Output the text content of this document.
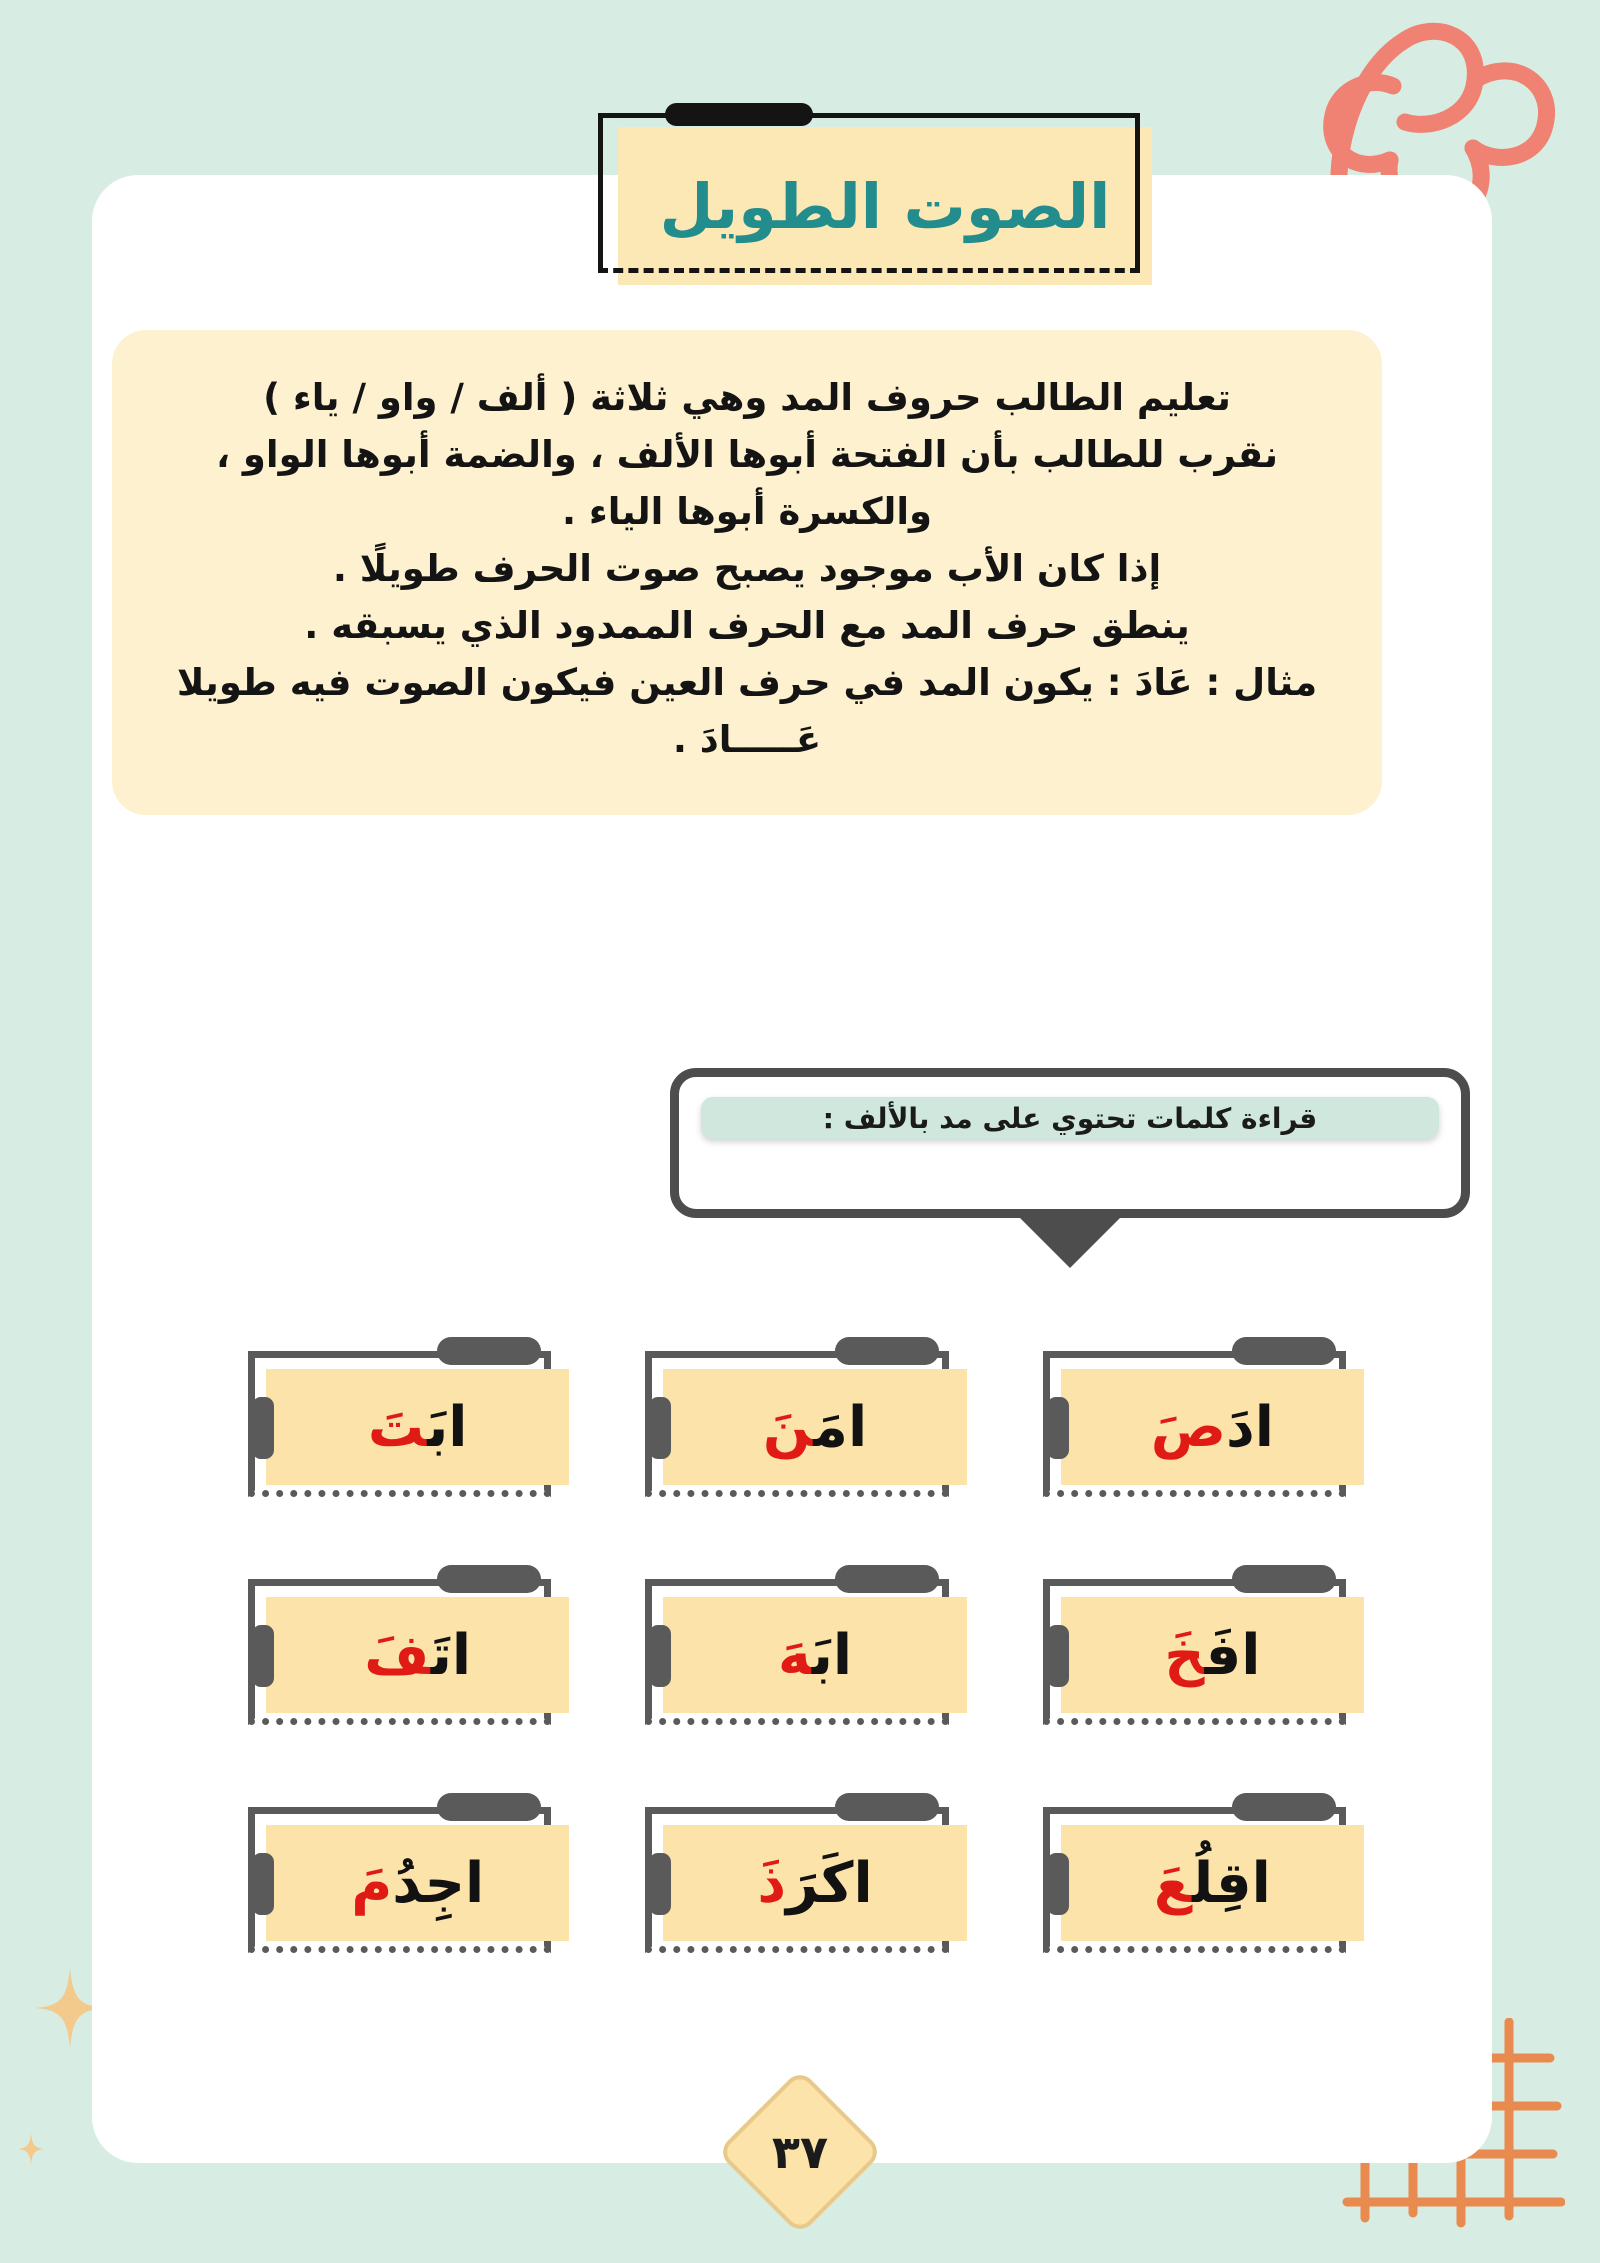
الصوت الطويل
تعليم الطالب حروف المد وهي ثلاثة ( ألف / واو / ياء )
نقرب للطالب بأن الفتحة أبوها الألف ، والضمة أبوها الواو ،
والكسرة أبوها الياء .
إذا كان الأب موجود يصبح صوت الحرف طويلًا .
ينطق حرف المد مع الحرف الممدود الذي يسبقه .
مثال : عَادَ : يكون المد في حرف العين فيكون الصوت فيه طويلا
عَـــــادَ .
قراءة كلمات تحتوي على مد بالألف :
ادَصَ
امَنَ
ابَتَ
افَخَ
ابَهَ
اتَفَ
اقِلُعَ
اكَرَذَ
اجِدُمَ
٣٧
